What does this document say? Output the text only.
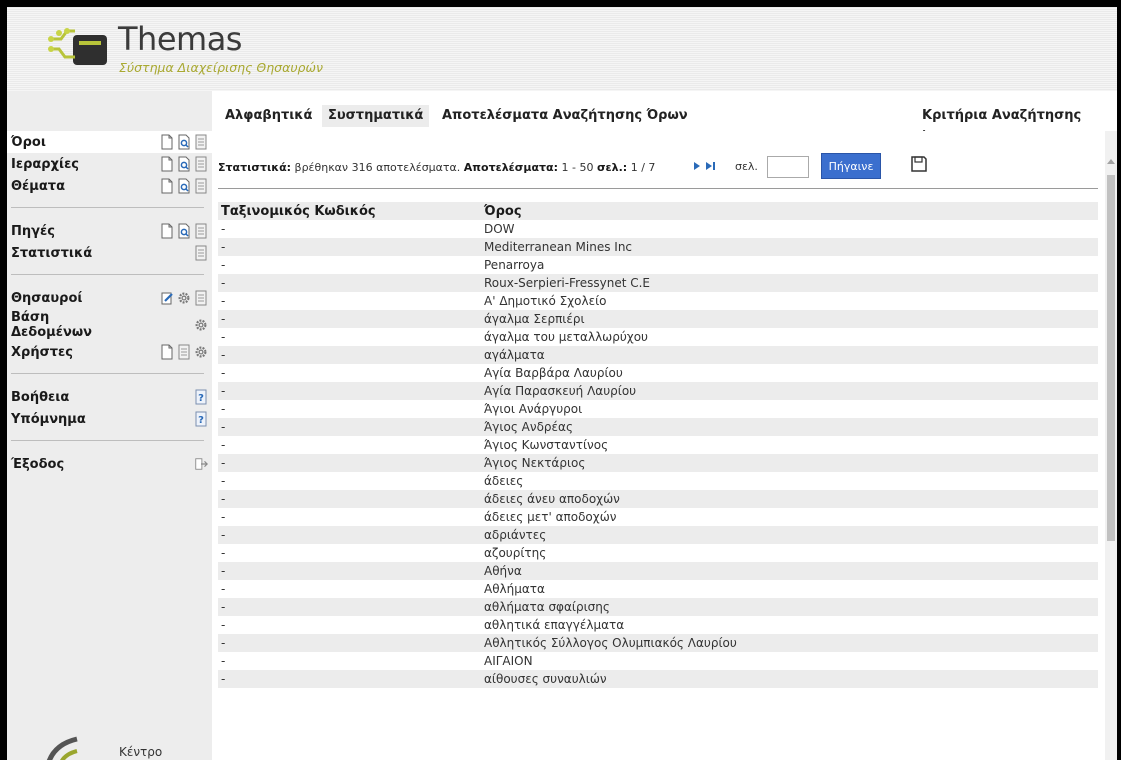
Themas
Σύστημα Διαχείρισης Θησαυρών
Όροι
Ιεραρχίες
Θέματα
Πηγές
Στατιστικά
Θησαυροί
Βάση Δεδομένων
Χρήστες
Βοήθεια	?
Υπόμνημα	?
Έξοδος
Κέντρο
Αλφαβητικά	Συστηματικά	Αποτελέσματα Αναζήτησης Όρων	Κριτήρια Αναζήτησης
Στατιστικά:
βρέθηκαν 316 αποτελέσματα.
Αποτελέσματα:
1 - 50
σελ.:
1 / 7	σελ.	Πήγαινε
Ταξινομικός Κωδικός	Όρος
-	DOW
-	Mediterranean Mines Inc
-	Penarroya
-	Roux-Serpieri-Fressynet C.E
-	Α' Δημοτικό Σχολείο
-	άγαλμα Σερπιέρι
-	άγαλμα του μεταλλωρύχου
-	αγάλματα
-	Αγία Βαρβάρα Λαυρίου
-	Αγία Παρασκευή Λαυρίου
-	Άγιοι Ανάργυροι
-	Άγιος Ανδρέας
-	Άγιος Κωνσταντίνος
-	Άγιος Νεκτάριος
-	άδειες
-	άδειες άνευ αποδοχών
-	άδειες μετ' αποδοχών
-	αδριάντες
-	αζουρίτης
-	Αθήνα
-	Αθλήματα
-	αθλήματα σφαίρισης
-	αθλητικά επαγγέλματα
-	Αθλητικός Σύλλογος Ολυμπιακός Λαυρίου
-	ΑΙΓΑΙΟΝ
-	αίθουσες συναυλιών
